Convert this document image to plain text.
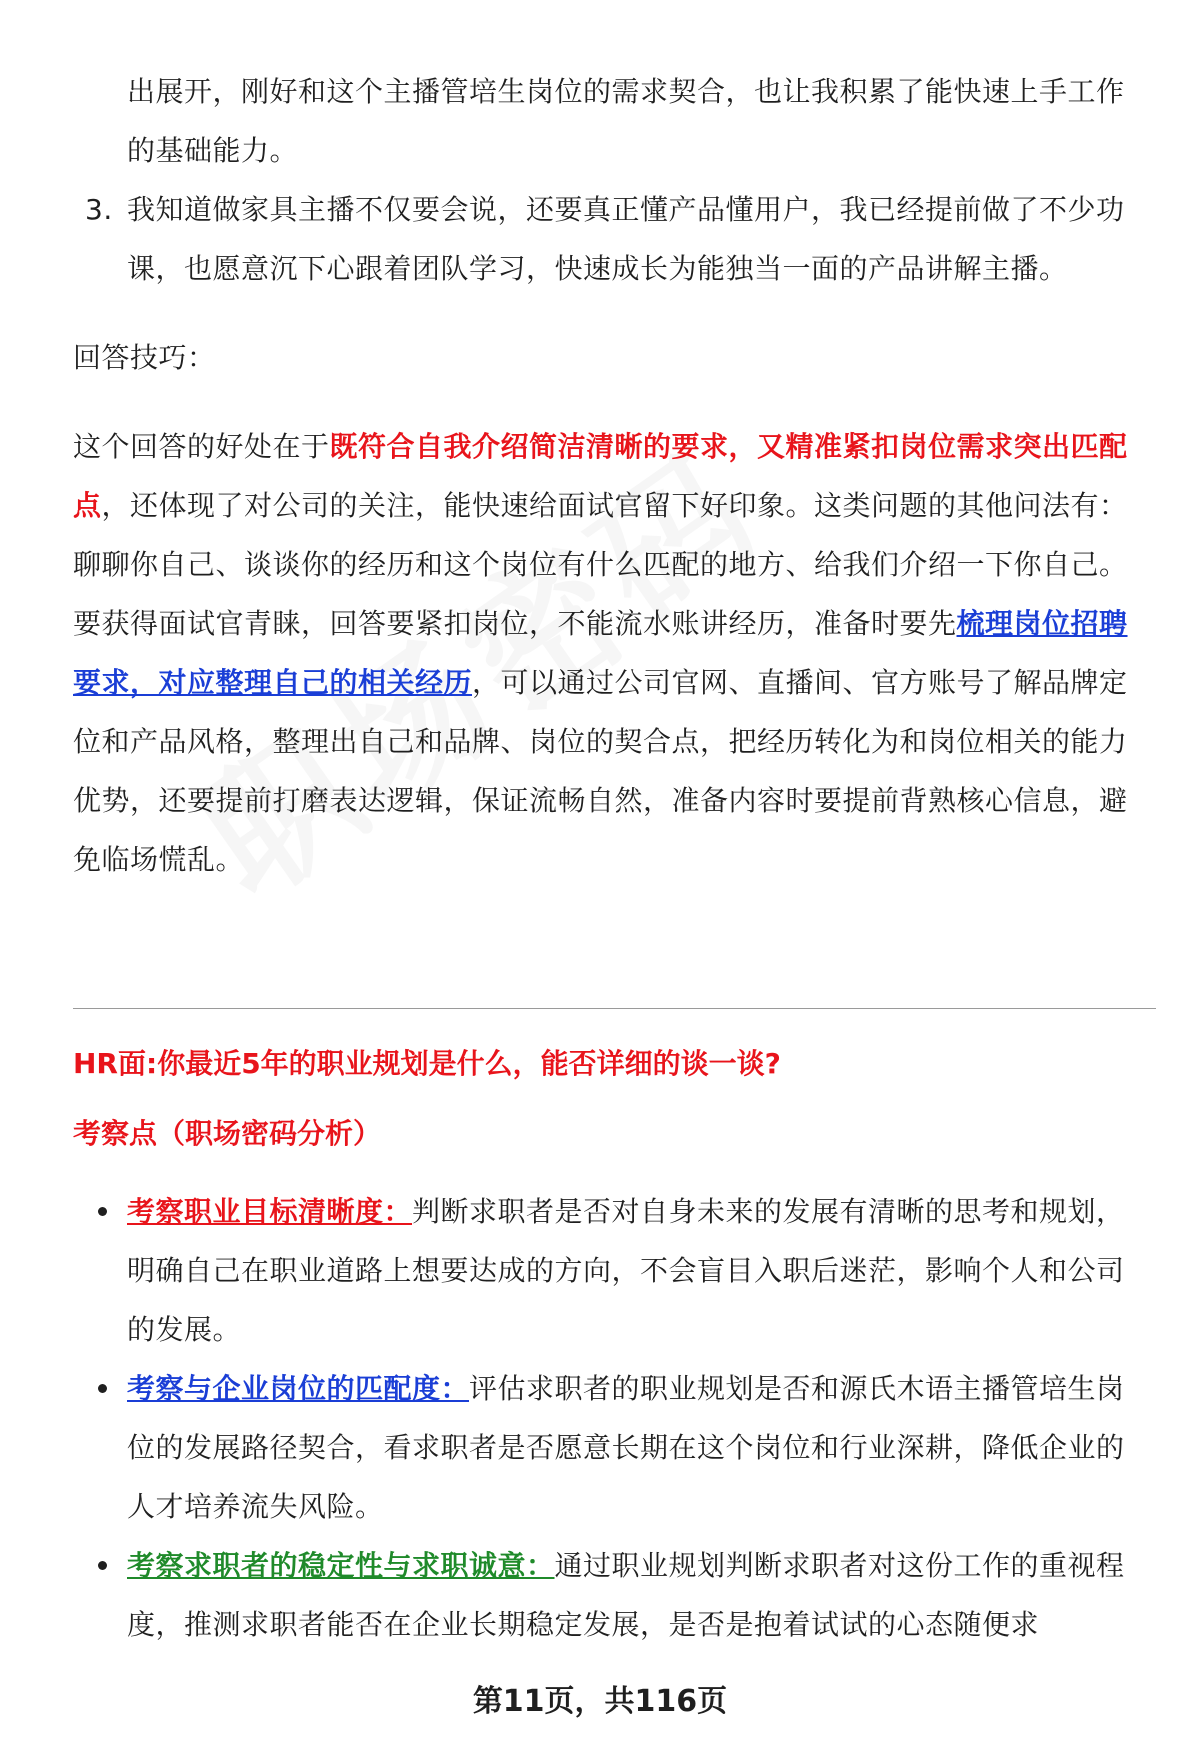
出展开，刚好和这个主播管培生岗位的需求契合，也让我积累了能快速上手工作的基础能力。

3. 我知道做家具主播不仅要会说，还要真正懂产品懂用户，我已经提前做了不少功课，也愿意沉下心跟着团队学习，快速成长为能独当一面的产品讲解主播。

回答技巧：

这个回答的好处在于既符合自我介绍简洁清晰的要求，又精准紧扣岗位需求突出匹配点，还体现了对公司的关注，能快速给面试官留下好印象。这类问题的其他问法有：聊聊你自己、谈谈你的经历和这个岗位有什么匹配的地方、给我们介绍一下你自己。

要获得面试官青睐，回答要紧扣岗位，不能流水账讲经历，准备时要先梳理岗位招聘要求，对应整理自己的相关经历，可以通过公司官网、直播间、官方账号了解品牌定位和产品风格，整理出自己和品牌、岗位的契合点，把经历转化为和岗位相关的能力优势，还要提前打磨表达逻辑，保证流畅自然，准备内容时要提前背熟核心信息，避免临场慌乱。

HR面:你最近5年的职业规划是什么，能否详细的谈一谈?

考察点（职场密码分析）

考察职业目标清晰度：判断求职者是否对自身未来的发展有清晰的思考和规划，明确自己在职业道路上想要达成的方向，不会盲目入职后迷茫，影响个人和公司的发展。
考察与企业岗位的匹配度：评估求职者的职业规划是否和源氏木语主播管培生岗位的发展路径契合，看求职者是否愿意长期在这个岗位和行业深耕，降低企业的人才培养流失风险。
考察求职者的稳定性与求职诚意：通过职业规划判断求职者对这份工作的重视程度，推测求职者能否在企业长期稳定发展，是否是抱着试试的心态随便求
第11页，共116页
